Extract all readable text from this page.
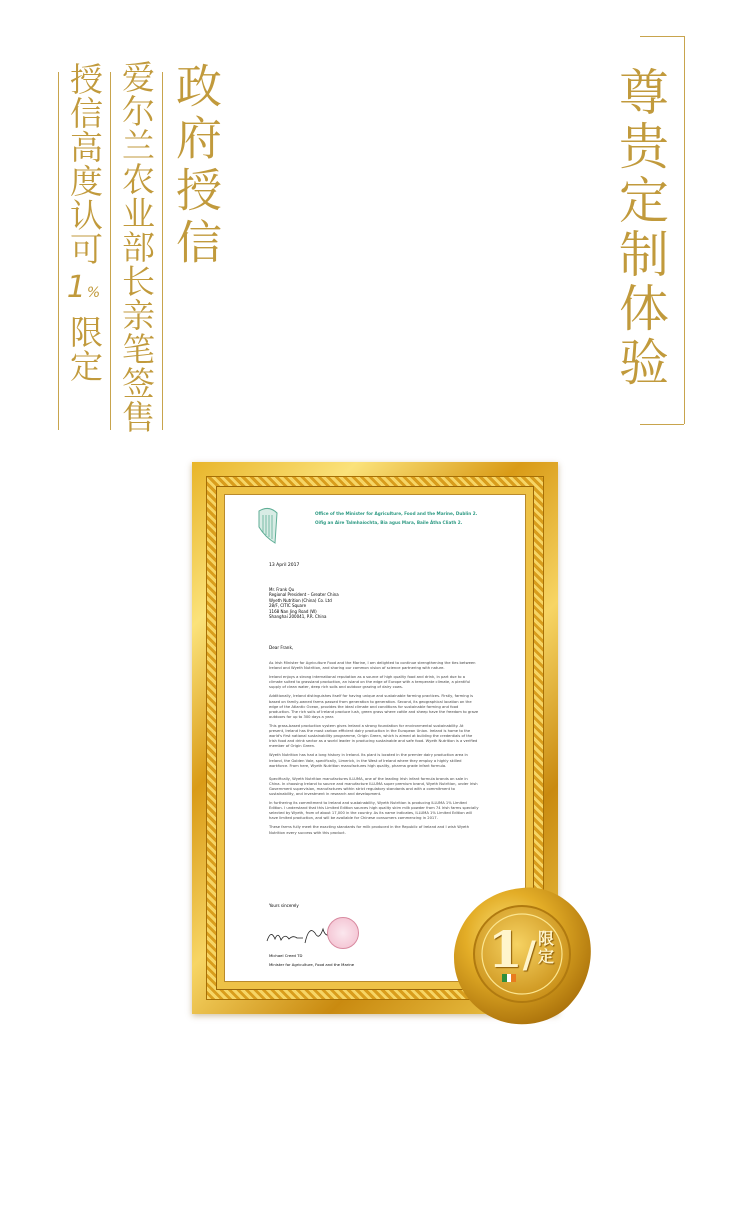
尊贵定制体验
政府授信
爱尔兰农业部长亲笔签售
授信高度认可1%限定
Office of the Minister for Agriculture, Food and the Marine, Dublin 2.
Oifig an Aire Talmhaíochta, Bia agus Mara, Baile Átha Cliath 2.
13 April 2017
Mr. Frank Qu
Regional President – Greater China
Wyeth Nutrition (China) Co. Ltd
28/F, CITIC Square
1168 Nan Jing Road (W)
Shanghai 200041, P.R. China
Dear Frank,

As Irish Minister for Agriculture Food and the Marine, I am delighted to continue strengthening the ties between Ireland and Wyeth Nutrition, and sharing our common vision of science partnering with nature.

Ireland enjoys a strong international reputation as a source of high quality food and drink, in part due to a climate suited to grassland production, an island on the edge of Europe with a temperate climate, a plentiful supply of clean water, deep rich soils and outdoor grazing of dairy cows.

Additionally, Ireland distinguishes itself for having unique and sustainable farming practices. Firstly, farming is based on family-owned farms passed from generation to generation. Second, its geographical location on the edge of the Atlantic Ocean, provides the ideal climate and conditions for sustainable farming and food production. The rich soils of Ireland produce lush, green grass where cattle and sheep have the freedom to graze outdoors for up to 300 days a year.

This grass-based production system gives Ireland a strong foundation for environmental sustainability. At present, Ireland has the most carbon efficient dairy production in the European Union. Ireland is home to the world's first national sustainability programme, Origin Green, which is aimed at building the credentials of the Irish food and drink sector as a world leader in producing sustainable and safe food. Wyeth Nutrition is a verified member of Origin Green.

Wyeth Nutrition has had a long history in Ireland. Its plant is located in the premier dairy production area in Ireland, the Golden Vale, specifically, Limerick, in the West of Ireland where they employ a highly skilled workforce. From here, Wyeth Nutrition manufactures high quality, pharma grade infant formula.

Specifically, Wyeth Nutrition manufactures ILLUMA, one of the leading Irish infant formula brands on sale in China. In choosing Ireland to source and manufacture ILLUMA super premium brand, Wyeth Nutrition, under Irish Government supervision, manufactures within strict regulatory standards and with a commitment to sustainability, and investment in research and development.

In furthering its commitment to Ireland and sustainability, Wyeth Nutrition is producing ILLUMA 1% Limited Edition. I understand that this Limited Edition sources high quality skim milk powder from 74 Irish farms specially selected by Wyeth, from of about 17,000 in the country. As its name indicates, ILLUMA 1% Limited Edition will have limited production, and will be available for Chinese consumers commencing in 2017.

These farms fully meet the exacting standards for milk produced in the Republic of Ireland and I wish Wyeth Nutrition every success with this product.

Yours sincerely
Michael Creed TD
Minister for Agriculture, Food and the Marine	1/ 限
定
